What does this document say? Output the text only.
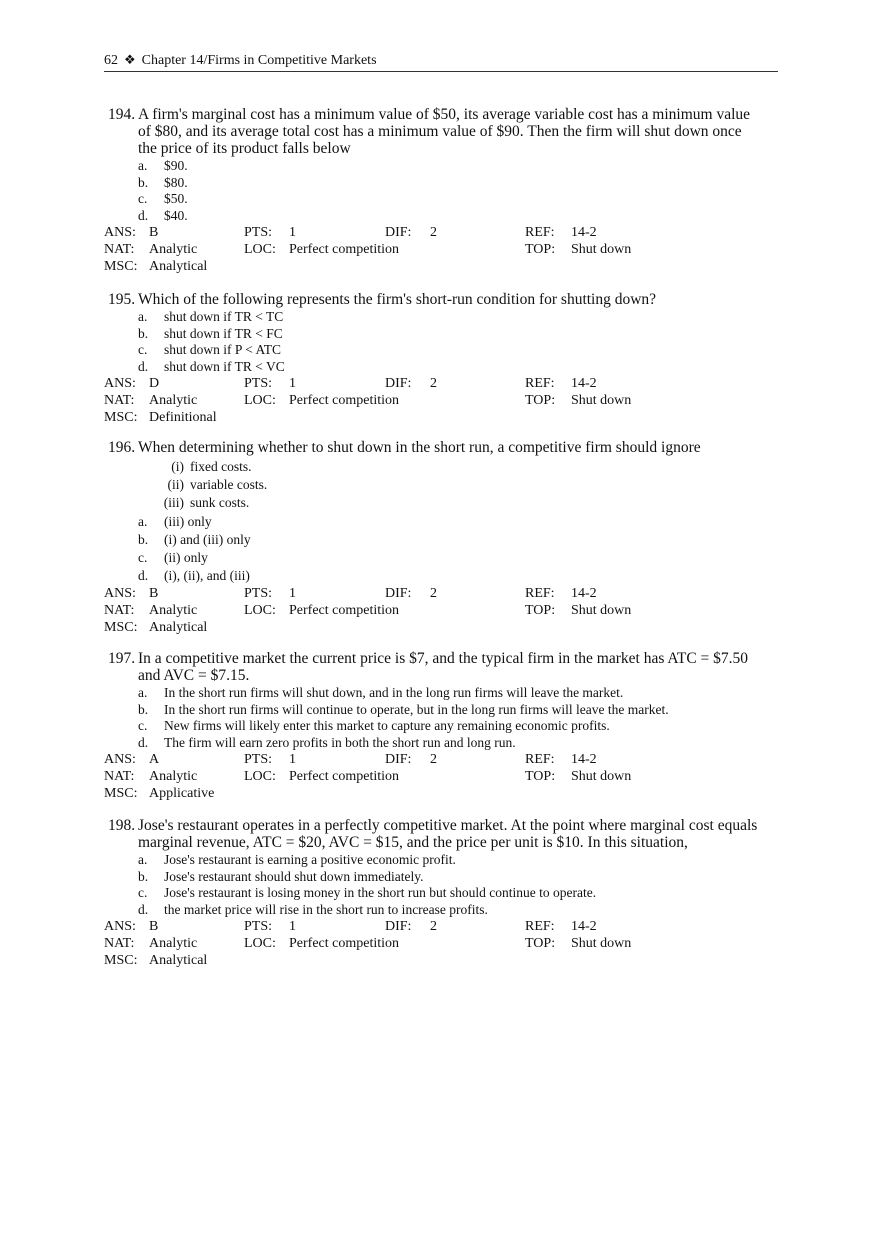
62 ❖ Chapter 14/Firms in Competitive Markets
194. A firm's marginal cost has a minimum value of $50, its average variable cost has a minimum value
of $80, and its average total cost has a minimum value of $90. Then the firm will shut down once
the price of its product falls below
a. $90.
b. $80.
c. $50.
d. $40.
ANS: B	PTS: 1	DIF: 2	REF: 14-2
NAT: Analytic	LOC: Perfect competition	TOP: Shut down
MSC: Analytical
195. Which of the following represents the firm's short-run condition for shutting down?
a. shut down if TR < TC
b. shut down if TR < FC
c. shut down if P < ATC
d. shut down if TR < VC
ANS: D	PTS: 1	DIF: 2	REF: 14-2
NAT: Analytic	LOC: Perfect competition	TOP: Shut down
MSC: Definitional
196. When determining whether to shut down in the short run, a competitive firm should ignore
(i) fixed costs.
(ii) variable costs.
(iii) sunk costs.
a. (iii) only
b. (i) and (iii) only
c. (ii) only
d. (i), (ii), and (iii)
ANS: B	PTS: 1	DIF: 2	REF: 14-2
NAT: Analytic	LOC: Perfect competition	TOP: Shut down
MSC: Analytical
197. In a competitive market the current price is $7, and the typical firm in the market has ATC = $7.50
and AVC = $7.15.
a. In the short run firms will shut down, and in the long run firms will leave the market.
b. In the short run firms will continue to operate, but in the long run firms will leave the market.
c. New firms will likely enter this market to capture any remaining economic profits.
d. The firm will earn zero profits in both the short run and long run.
ANS: A	PTS: 1	DIF: 2	REF: 14-2
NAT: Analytic	LOC: Perfect competition	TOP: Shut down
MSC: Applicative
198. Jose's restaurant operates in a perfectly competitive market. At the point where marginal cost equals
marginal revenue, ATC = $20, AVC = $15, and the price per unit is $10. In this situation,
a. Jose's restaurant is earning a positive economic profit.
b. Jose's restaurant should shut down immediately.
c. Jose's restaurant is losing money in the short run but should continue to operate.
d. the market price will rise in the short run to increase profits.
ANS: B	PTS: 1	DIF: 2	REF: 14-2
NAT: Analytic	LOC: Perfect competition	TOP: Shut down
MSC: Analytical
